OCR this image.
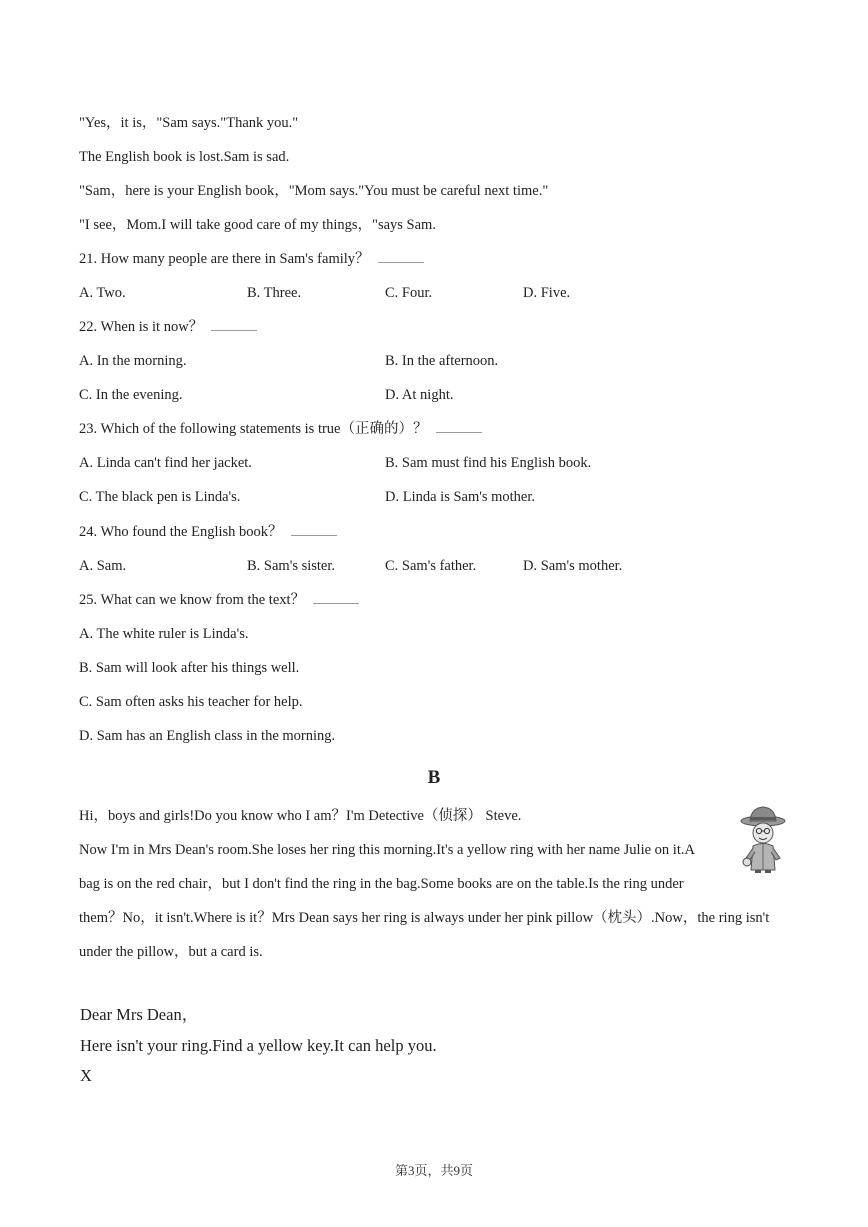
"Yes，it is，"Sam says."Thank you."
The English book is lost.Sam is sad.
"Sam，here is your English book，"Mom says."You must be careful next time."
"I see，Mom.I will take good care of my things，"says Sam.
21. How many people are there in Sam's family？
A. Two.	B. Three.	C. Four.	D. Five.
22. When is it now？
A. In the morning.	B. In the afternoon.
C. In the evening.	D. At night.
23. Which of the following statements is true（正确的）？
A. Linda can't find her jacket.	B. Sam must find his English book.
C. The black pen is Linda's.	D. Linda is Sam's mother.
24. Who found the English book？
A. Sam.	B. Sam's sister.	C. Sam's father.	D. Sam's mother.
25. What can we know from the text？
A. The white ruler is Linda's.
B. Sam will look after his things well.
C. Sam often asks his teacher for help.
D. Sam has an English class in the morning.
B
Hi，boys and girls!Do you know who I am？I'm Detective（侦探） Steve.
Now I'm in Mrs Dean's room.She loses her ring this morning.It's a yellow ring with her name Julie on it.A
bag is on the red chair，but I don't find the ring in the bag.Some books are on the table.Is the ring under
them？No，it isn't.Where is it？Mrs Dean says her ring is always under her pink pillow（枕头）.Now，the ring isn't
under the pillow，but a card is.
Dear Mrs Dean，
Here isn't your ring.Find a yellow key.It can help you.
X
第3页，共9页
